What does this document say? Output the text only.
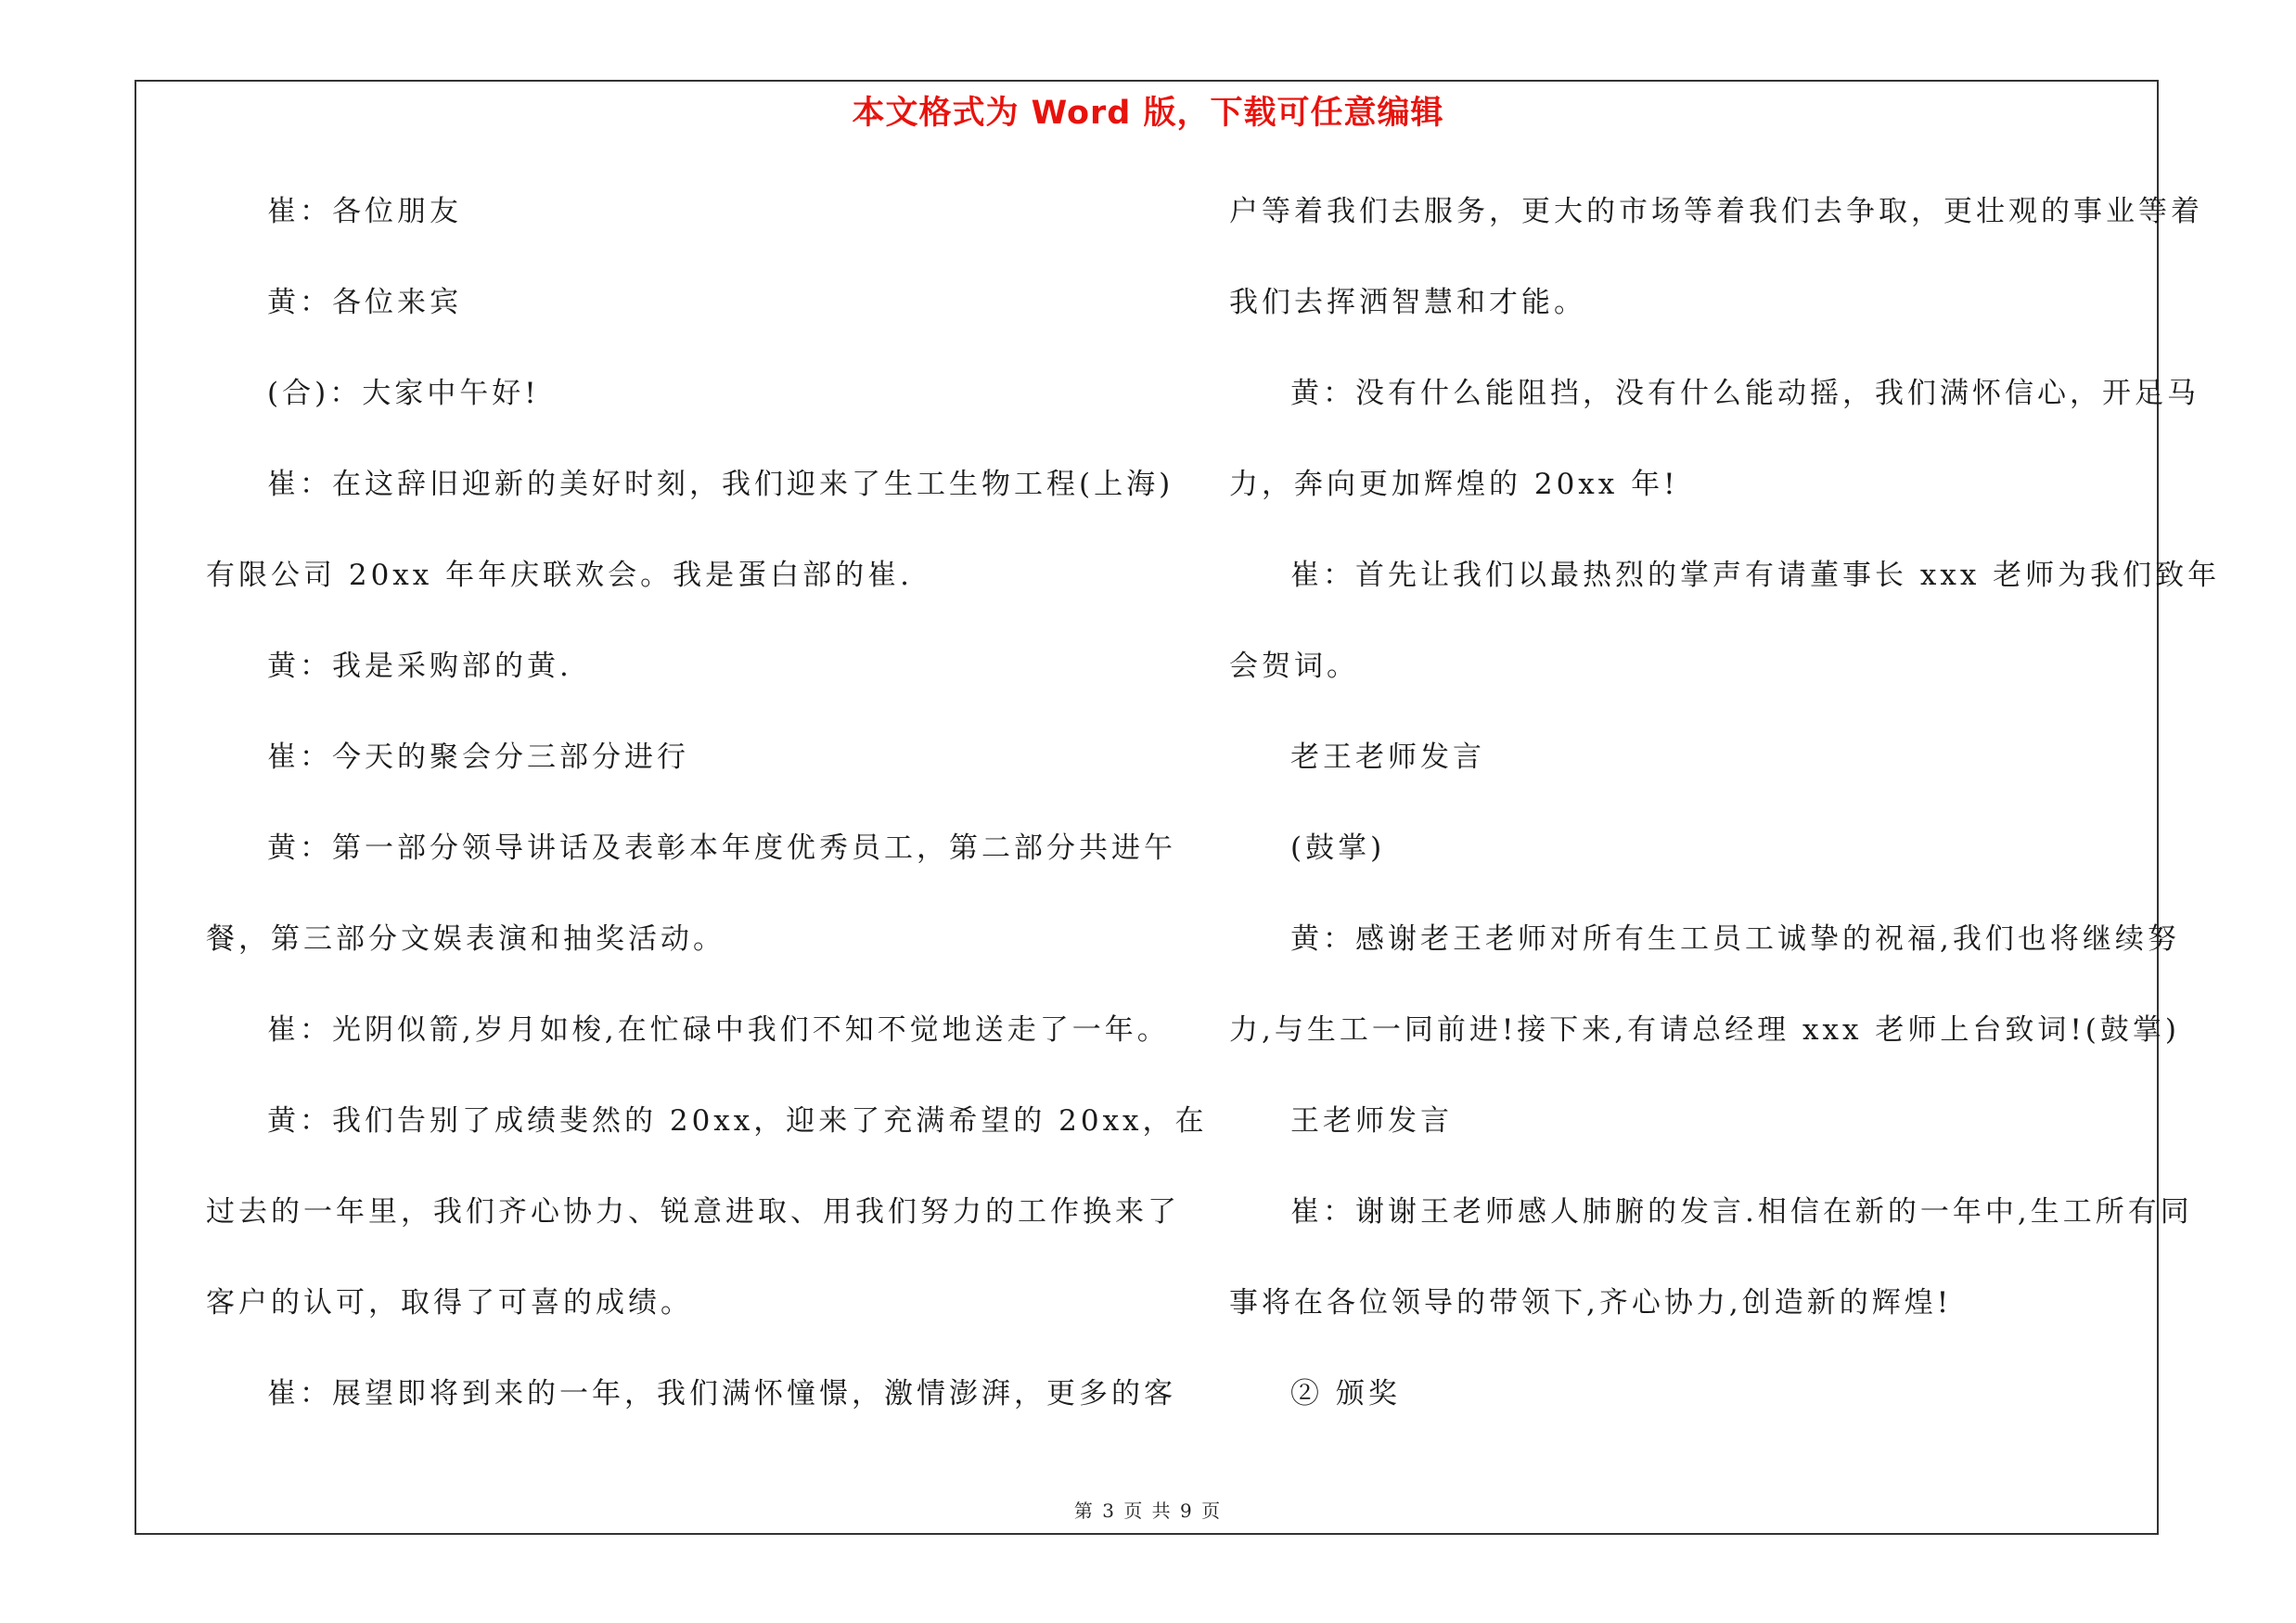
本文格式为 Word 版，下载可任意编辑
崔：各位朋友
黄：各位来宾
(合)：大家中午好!
崔：在这辞旧迎新的美好时刻，我们迎来了生工生物工程(上海)
有限公司 20xx 年年庆联欢会。我是蛋白部的崔.
黄：我是采购部的黄.
崔：今天的聚会分三部分进行
黄：第一部分领导讲话及表彰本年度优秀员工，第二部分共进午
餐，第三部分文娱表演和抽奖活动。
崔：光阴似箭,岁月如梭,在忙碌中我们不知不觉地送走了一年。
黄：我们告别了成绩斐然的 20xx，迎来了充满希望的 20xx，在
过去的一年里，我们齐心协力、锐意进取、用我们努力的工作换来了
客户的认可，取得了可喜的成绩。
崔：展望即将到来的一年，我们满怀憧憬，激情澎湃，更多的客
户等着我们去服务，更大的市场等着我们去争取，更壮观的事业等着
我们去挥洒智慧和才能。
黄：没有什么能阻挡，没有什么能动摇，我们满怀信心，开足马
力，奔向更加辉煌的 20xx 年!
崔：首先让我们以最热烈的掌声有请董事长 xxx 老师为我们致年
会贺词。
老王老师发言
(鼓掌)
黄：感谢老王老师对所有生工员工诚挚的祝福,我们也将继续努
力,与生工一同前进!接下来,有请总经理 xxx 老师上台致词!(鼓掌)
王老师发言
崔：谢谢王老师感人肺腑的发言.相信在新的一年中,生工所有同
事将在各位领导的带领下,齐心协力,创造新的辉煌!
② 颁奖
第 3 页 共 9 页
